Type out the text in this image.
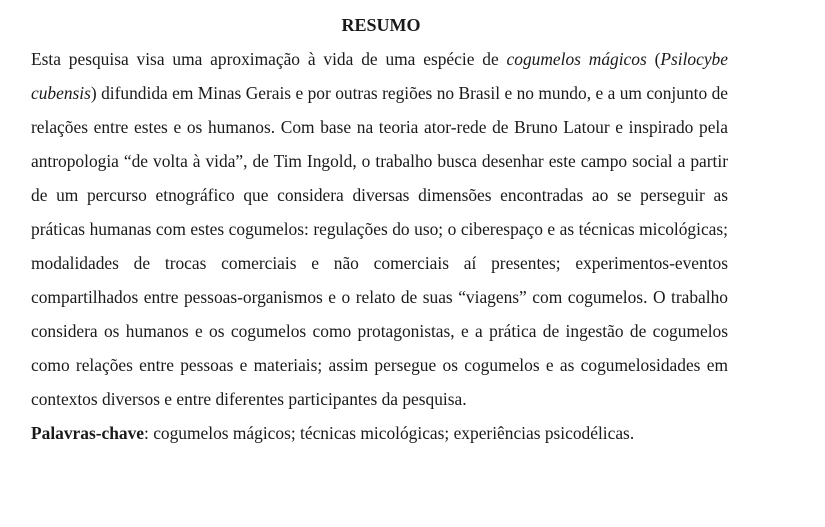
RESUMO

Esta pesquisa visa uma aproximação à vida de uma espécie de cogumelos mágicos (Psilocybe cubensis) difundida em Minas Gerais e por outras regiões no Brasil e no mundo, e a um conjunto de relações entre estes e os humanos. Com base na teoria ator-rede de Bruno Latour e inspirado pela antropologia “de volta à vida”, de Tim Ingold, o trabalho busca desenhar este campo social a partir de um percurso etnográfico que considera diversas dimensões encontradas ao se perseguir as práticas humanas com estes cogumelos: regulações do uso; o ciberespaço e as técnicas micológicas; modalidades de trocas comerciais e não comerciais aí presentes; experimentos-eventos compartilhados entre pessoas-organismos e o relato de suas “viagens” com cogumelos. O trabalho considera os humanos e os cogumelos como protagonistas, e a prática de ingestão de cogumelos como relações entre pessoas e materiais; assim persegue os cogumelos e as cogumelosidades em contextos diversos e entre diferentes participantes da pesquisa.

Palavras-chave: cogumelos mágicos; técnicas micológicas; experiências psicodélicas.
